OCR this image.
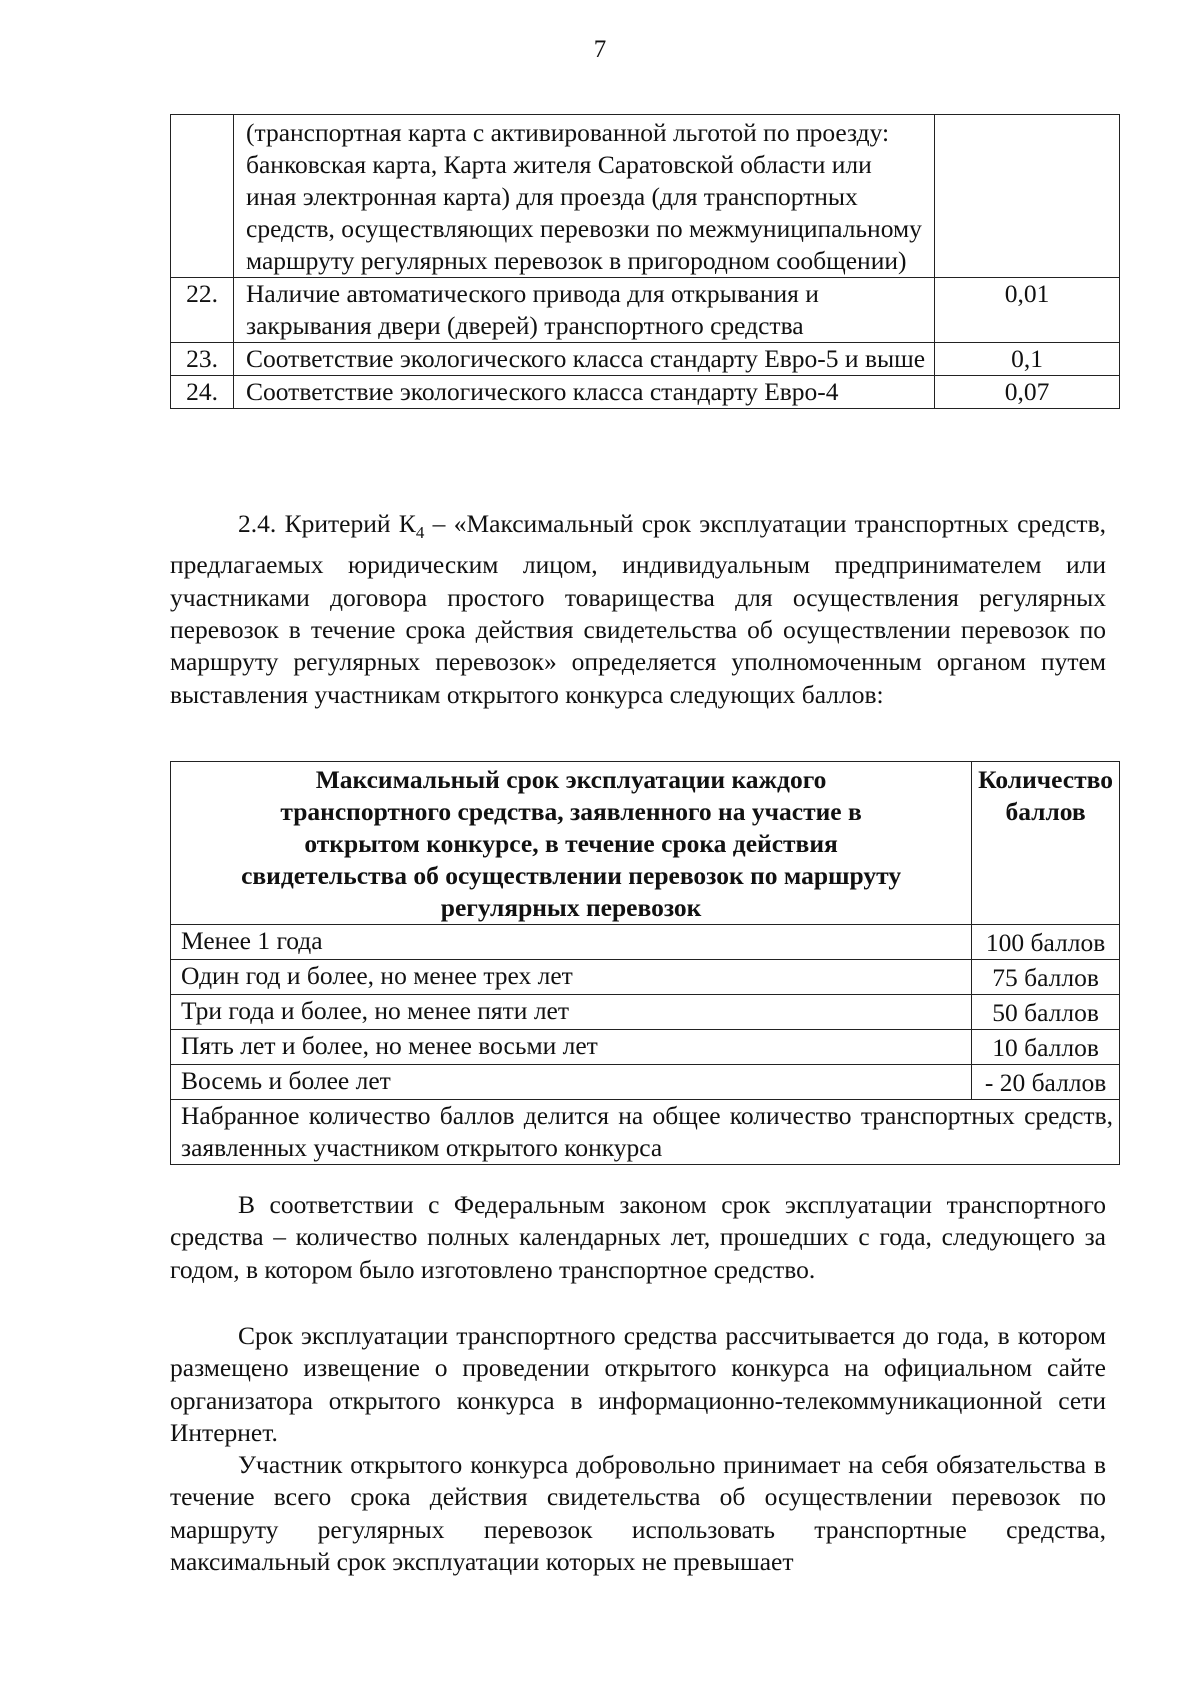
7
	(транспортная карта с активированной льготой по проезду: банковская карта, Карта жителя Саратовской области или иная электронная карта) для проезда (для транспортных средств, осуществляющих перевозки по межмуниципальному маршруту регулярных перевозок в пригородном сообщении)	
22.	Наличие автоматического привода для открывания и закрывания двери (дверей) транспортного средства	0,01
23.	Соответствие экологического класса стандарту Евро-5 и выше	0,1
24.	Соответствие экологического класса стандарту Евро-4	0,07

2.4. Критерий $К_4$ – «Максимальный срок эксплуатации транспортных средств, предлагаемых юридическим лицом, индивидуальным предпринимателем или участниками договора простого товарищества для осуществления регулярных перевозок в течение срока действия свидетельства об осуществлении перевозок по маршруту регулярных перевозок» определяется уполномоченным органом путем выставления участникам открытого конкурса следующих баллов:

Максимальный срок эксплуатации каждого транспортного средства, заявленного на участие в открытом конкурсе, в течение срока действия свидетельства об осуществлении перевозок по маршруту регулярных перевозок	Количество баллов
Менее 1 года	100 баллов
Один год и более, но менее трех лет	75 баллов
Три года и более, но менее пяти лет	50 баллов
Пять лет и более, но менее восьми лет	10 баллов
Восемь и более лет	- 20 баллов
Набранное количество баллов делится на общее количество транспортных средств, заявленных участником открытого конкурса	

В соответствии с Федеральным законом срок эксплуатации транспортного средства – количество полных календарных лет, прошедших с года, следующего за годом, в котором было изготовлено транспортное средство.

Срок эксплуатации транспортного средства рассчитывается до года, в котором размещено извещение о проведении открытого конкурса на официальном сайте организатора открытого конкурса в информационно-телекоммуникационной сети Интернет.

Участник открытого конкурса добровольно принимает на себя обязательства в течение всего срока действия свидетельства об осуществлении перевозок по маршруту регулярных перевозок использовать транспортные средства, максимальный срок эксплуатации которых не превышает
